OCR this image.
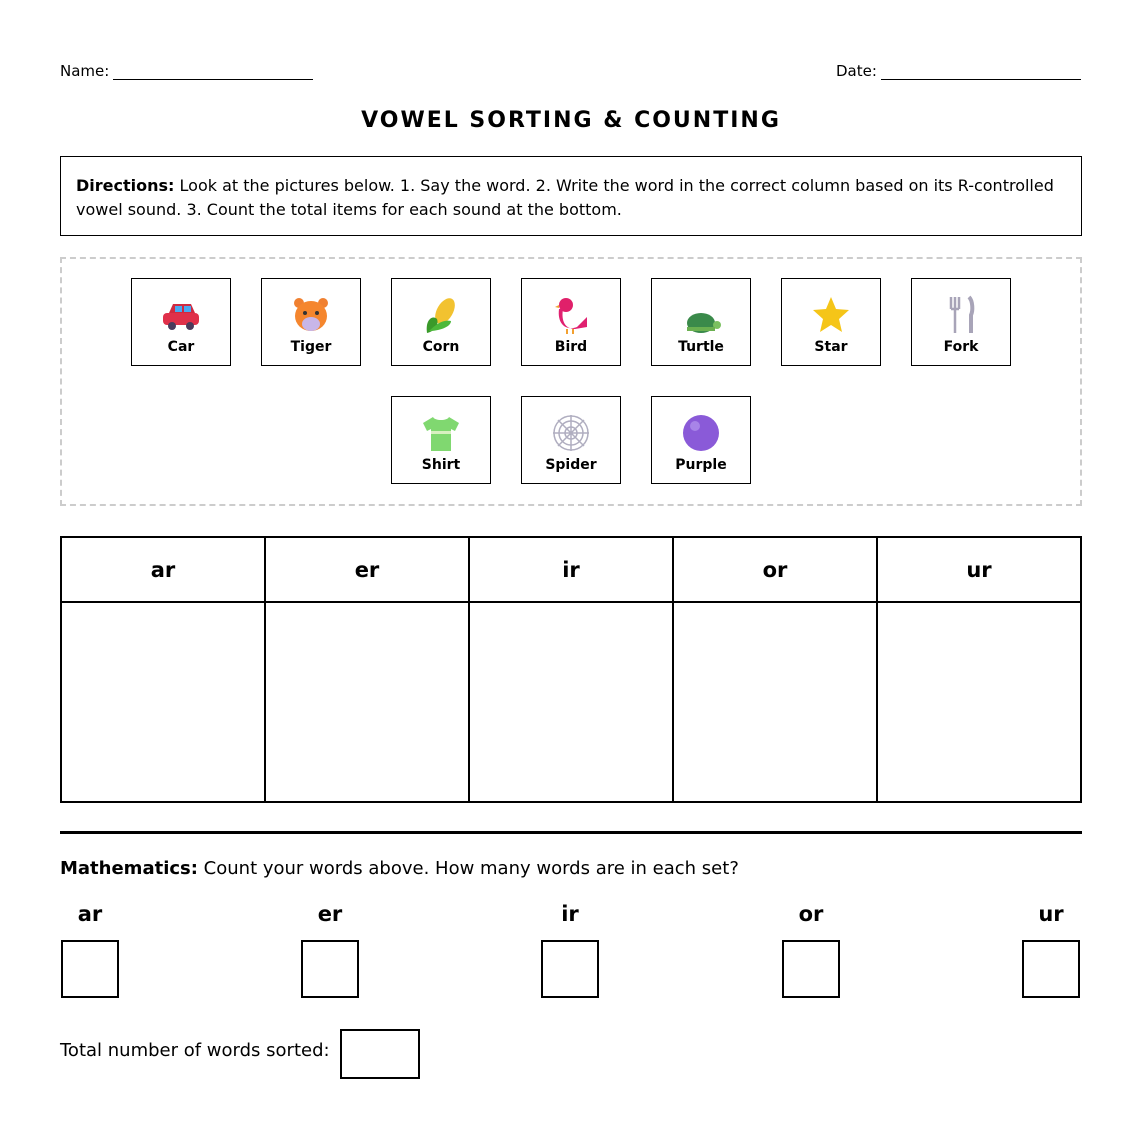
Name:	Date:
VOWEL SORTING & COUNTING
Directions: Look at the pictures below. 1. Say the word. 2. Write the word in the correct column based on its R-controlled vowel sound. 3. Count the total items for each sound at the bottom.
Car	Tiger	Corn	Bird	Turtle	Star	Fork
Shirt	Spider	Purple
ar	er	ir	or	ur

Mathematics: Count your words above. How many words are in each set?
ar	er	ir	or	ur
Total number of words sorted:
